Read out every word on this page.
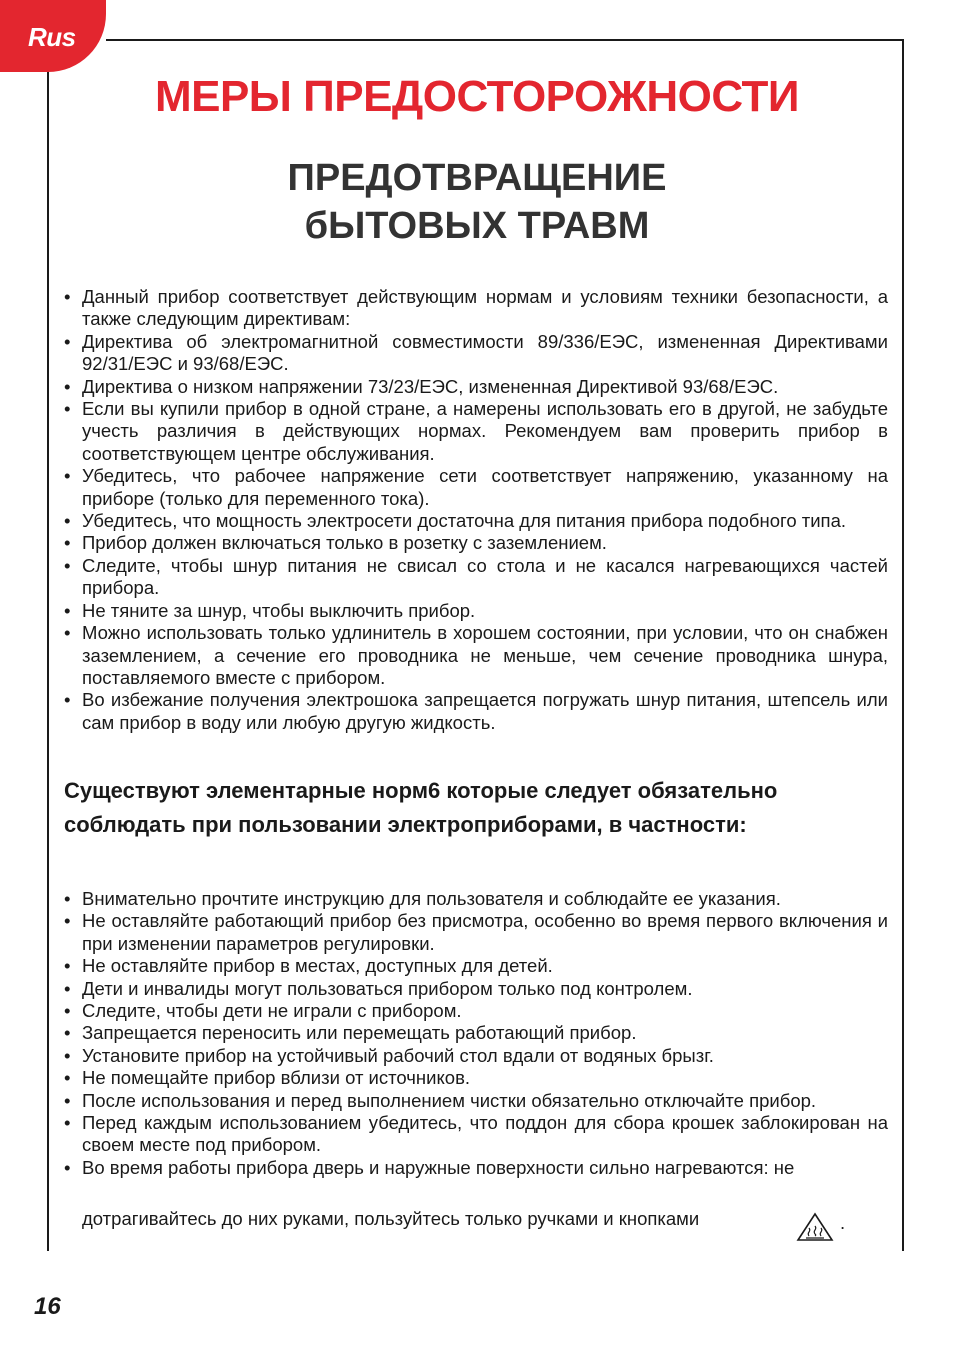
Rus
МЕРЫ ПРЕДОСТОРОЖНОСТИ
ПРЕДОТВРАЩЕНИЕ
бЫТОВЫХ ТРАВМ
• Данный прибор соответствует действующим нормам и условиям техники безопасности, а также следующим директивам:
• Директива об электромагнитной совместимости 89/336/ЕЭС, измененная Директивами 92/31/ЕЭС и 93/68/ЕЭС.
• Директива о низком напряжении 73/23/ЕЭС, измененная Директивой 93/68/ЕЭС.
• Если вы купили прибор в одной стране, а намерены использовать его в другой, не забудьте учесть различия в действующих нормах. Рекомендуем вам проверить прибор в соответствующем центре обслуживания.
• Убедитесь, что рабочее напряжение сети соответствует напряжению, указанному на приборе (только для переменного тока).
• Убедитесь, что мощность электросети достаточна для питания прибора подобного типа.
• Прибор должен включаться только в розетку с заземлением.
• Следите, чтобы шнур питания не свисал со стола и не касался нагревающихся частей прибора.
• Не тяните за шнур, чтобы выключить прибор.
• Можно использовать только удлинитель в хорошем состоянии, при условии, что он снабжен заземлением, а сечение его проводника не меньше, чем сечение проводника шнура, поставляемого вместе с прибором.
• Во избежание получения электрошока запрещается погружать шнур питания, штепсель или сам прибор в воду или любую другую жидкость.
Существуют элементарные норм6 которые следует обязательно соблюдать при пользовании электроприборами, в частности:
• Внимательно прочтите инструкцию для пользователя и соблюдайте ее указания.
• Не оставляйте работающий прибор без присмотра, особенно во время первого включения и при изменении параметров регулировки.
• Не оставляйте прибор в местах, доступных для детей.
• Дети и инвалиды могут пользоваться прибором только под контролем.
• Следите, чтобы дети не играли с прибором.
• Запрещается переносить или перемещать работающий прибор.
• Установите прибор на устойчивый рабочий стол вдали от водяных брызг.
• Не помещайте прибор вблизи от источников.
• После использования и перед выполнением чистки обязательно отключайте прибор.
• Перед каждым использованием убедитесь, что поддон для сбора крошек заблокирован на своем месте под прибором.
• Во время работы прибора дверь и наружные поверхности сильно нагреваются: не
дотрагивайтесь до них руками, пользуйтесь только ручками и кнопками	.
16
